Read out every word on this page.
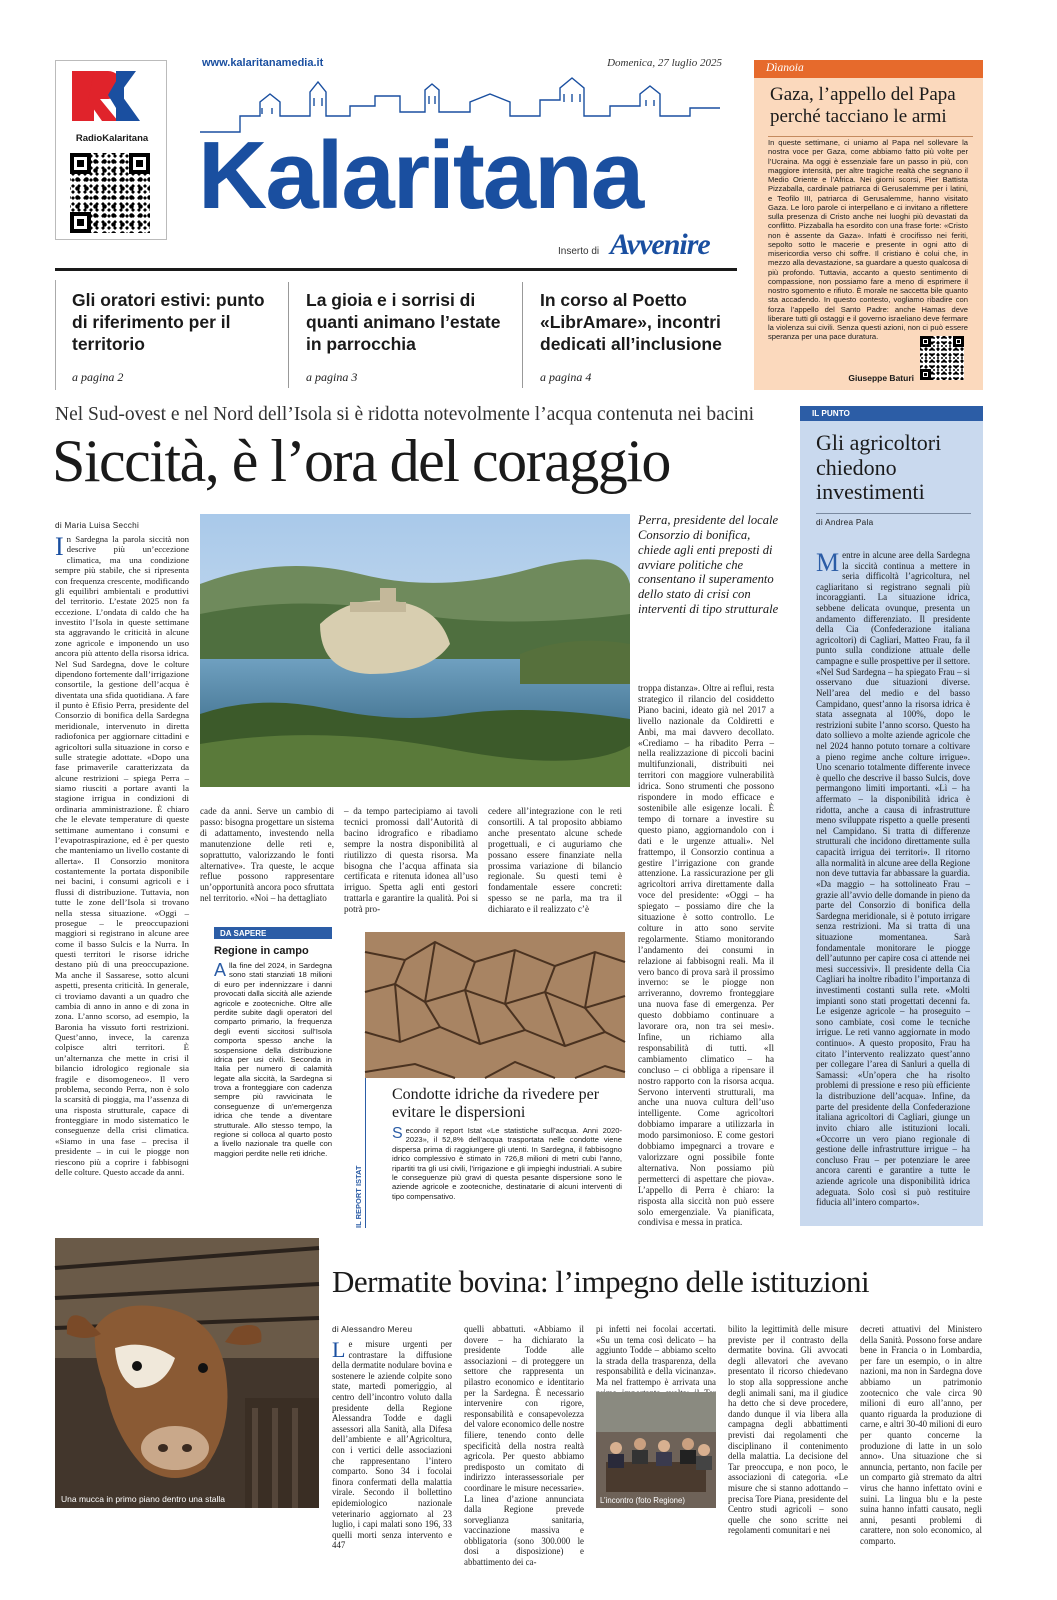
RadioKalaritana
www.kalaritanamedia.it	Domenica, 27 luglio 2025
Kalaritana
Inserto di Avvenire
Gli oratori estivi: punto di riferimento per il territorio
a pagina 2
La gioia e i sorrisi di quanti animano l’estate in parrocchia
a pagina 3
In corso al Poetto «LibrAmare», incontri dedicati all’inclusione
a pagina 4
Dìanoia
Gaza, l’appello del Papa perché tacciano le armi

In queste settimane, ci uniamo al Papa nel sollevare la nostra voce per Gaza, come abbiamo fatto più volte per l’Ucraina. Ma oggi è essenziale fare un passo in più, con maggiore intensità, per altre tragiche realtà che segnano il Medio Oriente e l’Africa. Nei giorni scorsi, Pier Battista Pizzaballa, cardinale patriarca di Gerusalemme per i latini, e Teofilo III, patriarca di Gerusalemme, hanno visitato Gaza. Le loro parole ci interpellano e ci invitano a riflettere sulla presenza di Cristo anche nei luoghi più devastati da conflitto. Pizzaballa ha esordito con una frase forte: «Cristo non è assente da Gaza». Infatti è crocifisso nei feriti, sepolto sotto le macerie e presente in ogni atto di misericordia verso chi soffre. Il cristiano è colui che, in mezzo alla devastazione, sa guardare a questo qualcosa di più profondo. Tuttavia, accanto a questo sentimento di compassione, non possiamo fare a meno di esprimere il nostro sgomento e rifiuto. È morale ne saccetta bile quanto sta accadendo. In questo contesto, vogliamo ribadire con forza l’appello del Santo Padre: anche Hamas deve liberare tutti gli ostaggi e il governo israeliano deve fermare la violenza sui civili. Senza questi azioni, non ci può essere speranza per una pace duratura.

Giuseppe Baturi
Nel Sud-ovest e nel Nord dell’Isola si è ridotta notevolmente l’acqua contenuta nei bacini
Siccità, è l’ora del coraggio
di Maria Luisa Secchi

In Sardegna la parola siccità non descrive più un’eccezione climatica, ma una condizione sempre più stabile, che si ripresenta con frequenza crescente, modificando gli equilibri ambientali e produttivi del territorio. L’estate 2025 non fa eccezione. L’ondata di caldo che ha investito l’Isola in queste settimane sta aggravando le criticità in alcune zone agricole e imponendo un uso ancora più attento della risorsa idrica. Nel Sud Sardegna, dove le colture dipendono fortemente dall’irrigazione consortile, la gestione dell’acqua è diventata una sfida quotidiana. A fare il punto è Efisio Perra, presidente del Consorzio di bonifica della Sardegna meridionale, intervenuto in diretta radiofonica per aggiornare cittadini e agricoltori sulla situazione in corso e sulle strategie adottate. «Dopo una fase primaverile caratterizzata da alcune restrizioni – spiega Perra – siamo riusciti a portare avanti la stagione irrigua in condizioni di ordinaria amministrazione. È chiaro che le elevate temperature di queste settimane aumentano i consumi e l’evapotraspirazione, ed è per questo che manteniamo un livello costante di allerta». Il Consorzio monitora costantemente la portata disponibile nei bacini, i consumi agricoli e i flussi di distribuzione. Tuttavia, non tutte le zone dell’Isola si trovano nella stessa situazione. «Oggi – prosegue – le preoccupazioni maggiori si registrano in alcune aree come il basso Sulcis e la Nurra. In questi territori le risorse idriche destano più di una preoccupazione. Ma anche il Sassarese, sotto alcuni aspetti, presenta criticità. In generale, ci troviamo davanti a un quadro che cambia di anno in anno e di zona in zona. L’anno scorso, ad esempio, la Baronia ha vissuto forti restrizioni. Quest’anno, invece, la carenza colpisce altri territori. È un’alternanza che mette in crisi il bilancio idrologico regionale sia fragile e disomogeneo». Il vero problema, secondo Perra, non è solo la scarsità di pioggia, ma l’assenza di una risposta strutturale, capace di fronteggiare in modo sistematico le conseguenze della crisi climatica. «Siamo in una fase – precisa il presidente – in cui le piogge non riescono più a coprire i fabbisogni delle colture. Questo accade da anni.

Perra, presidente del locale Consorzio di bonifica, chiede agli enti preposti di avviare politiche che consentano il superamento dello stato di crisi con interventi di tipo strutturale

cade da anni. Serve un cambio di passo: bisogna progettare un sistema di adattamento, investendo nella manutenzione delle reti e, soprattutto, valorizzando le fonti alternative». Tra queste, le acque reflue possono rappresentare un’opportunità ancora poco sfruttata nel territorio. «Noi – ha dettagliato

– da tempo partecipiamo ai tavoli tecnici promossi dall’Autorità di bacino idrografico e ribadiamo sempre la nostra disponibilità al riutilizzo di questa risorsa. Ma bisogna che l’acqua affinata sia certificata e ritenuta idonea all’uso irriguo. Spetta agli enti gestori trattarla e garantire la qualità. Poi si potrà pro-

cedere all’integrazione con le reti consortili. A tal proposito abbiamo anche presentato alcune schede progettuali, e ci auguriamo che possano essere finanziate nella prossima variazione di bilancio regionale. Su questi temi è fondamentale essere concreti: spesso se ne parla, ma tra il dichiarato e il realizzato c’è

troppa distanza». Oltre ai reflui, resta strategico il rilancio del cosiddetto Piano bacini, ideato già nel 2017 a livello nazionale da Coldiretti e Anbi, ma mai davvero decollato. «Crediamo – ha ribadito Perra – nella realizzazione di piccoli bacini multifunzionali, distribuiti nei territori con maggiore vulnerabilità idrica. Sono strumenti che possono rispondere in modo efficace e sostenibile alle esigenze locali. È tempo di tornare a investire su questo piano, aggiornandolo con i dati e le urgenze attuali». Nel frattempo, il Consorzio continua a gestire l’irrigazione con grande attenzione. La rassicurazione per gli agricoltori arriva direttamente dalla voce del presidente: «Oggi – ha spiegato – possiamo dire che la situazione è sotto controllo. Le colture in atto sono servite regolarmente. Stiamo monitorando l’andamento dei consumi in relazione ai fabbisogni reali. Ma il vero banco di prova sarà il prossimo inverno: se le piogge non arriveranno, dovremo fronteggiare una nuova fase di emergenza. Per questo dobbiamo continuare a lavorare ora, non tra sei mesi». Infine, un richiamo alla responsabilità di tutti. «Il cambiamento climatico – ha concluso – ci obbliga a ripensare il nostro rapporto con la risorsa acqua. Servono interventi strutturali, ma anche una nuova cultura dell’uso intelligente. Come agricoltori dobbiamo imparare a utilizzarla in modo parsimonioso. E come gestori dobbiamo impegnarci a trovare e valorizzare ogni possibile fonte alternativa. Non possiamo più permetterci di aspettare che piova». L’appello di Perra è chiaro: la risposta alla siccità non può essere solo emergenziale. Va pianificata, condivisa e messa in pratica.

DA SAPERE
Regione in campo

Alla fine del 2024, in Sardegna sono stati stanziati 18 milioni di euro per indennizzare i danni provocati dalla siccità alle aziende agricole e zootecniche. Oltre alle perdite subite dagli operatori del comparto primario, la frequenza degli eventi siccitosi sull’Isola comporta spesso anche la sospensione della distribuzione idrica per usi civili. Seconda in Italia per numero di calamità legate alla siccità, la Sardegna si trova a fronteggiare con cadenza sempre più ravvicinata le conseguenze di un’emergenza idrica che tende a diventare strutturale. Allo stesso tempo, la regione si colloca al quarto posto a livello nazionale tra quelle con maggiori perdite nelle reti idriche.

IL REPORT ISTAT
Condotte idriche da rivedere per evitare le dispersioni

Secondo il report Istat «Le statistiche sull’acqua. Anni 2020-2023», il 52,8% dell’acqua trasportata nelle condotte viene dispersa prima di raggiungere gli utenti. In Sardegna, il fabbisogno idrico complessivo è stimato in 726,8 milioni di metri cubi l’anno, ripartiti tra gli usi civili, l’irrigazione e gli impieghi industriali. A subire le conseguenze più gravi di questa pesante dispersione sono le aziende agricole e zootecniche, destinatarie di alcuni interventi di tipo compensativo.

IL PUNTO
Gli agricoltori chiedono investimenti
di Andrea Pala

Mentre in alcune aree della Sardegna la siccità continua a mettere in seria difficoltà l’agricoltura, nel cagliaritano si registrano segnali più incoraggianti. La situazione idrica, sebbene delicata ovunque, presenta un andamento differenziato. Il presidente della Cia (Confederazione italiana agricoltori) di Cagliari, Matteo Frau, fa il punto sulla condizione attuale delle campagne e sulle prospettive per il settore. «Nel Sud Sardegna – ha spiegato Frau – si osservano due situazioni diverse. Nell’area del medio e del basso Campidano, quest’anno la risorsa idrica è stata assegnata al 100%, dopo le restrizioni subite l’anno scorso. Questo ha dato sollievo a molte aziende agricole che nel 2024 hanno potuto tornare a coltivare a pieno regime anche colture irrigue». Uno scenario totalmente differente invece è quello che descrive il basso Sulcis, dove permangono limiti importanti. «Lì – ha affermato – la disponibilità idrica è ridotta, anche a causa di infrastrutture meno sviluppate rispetto a quelle presenti nel Campidano. Si tratta di differenze strutturali che incidono direttamente sulla capacità irrigua dei territori». Il ritorno alla normalità in alcune aree della Regione non deve tuttavia far abbassare la guardia. «Da maggio – ha sottolineato Frau – grazie all’avvio delle domande in pieno da parte del Consorzio di bonifica della Sardegna meridionale, si è potuto irrigare senza restrizioni. Ma si tratta di una situazione momentanea. Sarà fondamentale monitorare le piogge dell’autunno per capire cosa ci attende nei mesi successivi». Il presidente della Cia Cagliari ha inoltre ribadito l’importanza di investimenti costanti sulla rete. «Molti impianti sono stati progettati decenni fa. Le esigenze agricole – ha proseguito – sono cambiate, così come le tecniche irrigue. Le reti vanno aggiornate in modo continuo». A questo proposito, Frau ha citato l’intervento realizzato quest’anno per collegare l’area di Sanluri a quella di Samassi: «Un’opera che ha risolto problemi di pressione e reso più efficiente la distribuzione dell’acqua». Infine, da parte del presidente della Confederazione italiana agricoltori di Cagliari, giunge un invito chiaro alle istituzioni locali. «Occorre un vero piano regionale di gestione delle infrastrutture irrigue – ha concluso Frau – per potenziare le aree ancora carenti e garantire a tutte le aziende agricole una disponibilità idrica adeguata. Solo così si può restituire fiducia all’intero comparto».

Una mucca in primo piano dentro una stalla
Dermatite bovina: l’impegno delle istituzioni
di Alessandro Mereu

Le misure urgenti per contrastare la diffusione della dermatite nodulare bovina e sostenere le aziende colpite sono state, martedì pomeriggio, al centro dell’incontro voluto dalla presidente della Regione Alessandra Todde e dagli assessori alla Sanità, alla Difesa dell’ambiente e all’Agricoltura, con i vertici delle associazioni che rappresentano l’intero comparto. Sono 34 i focolai finora confermati della malattia virale. Secondo il bollettino epidemiologico nazionale veterinario aggiornato al 23 luglio, i capi malati sono 196, 33 quelli morti senza intervento e 447

quelli abbattuti. «Abbiamo il dovere – ha dichiarato la presidente Todde alle associazioni – di proteggere un settore che rappresenta un pilastro economico e identitario per la Sardegna. È necessario intervenire con rigore, responsabilità e consapevolezza del valore economico delle nostre filiere, tenendo conto delle specificità della nostra realtà agricola. Per questo abbiamo predisposto un comitato di indirizzo interassessoriale per coordinare le misure necessarie». La linea d’azione annunciata dalla Regione prevede sorveglianza sanitaria, vaccinazione massiva e obbligatoria (sono 300.000 le dosi a disposizione) e abbattimento dei ca-

pi infetti nei focolai accertati. «Su un tema così delicato – ha aggiunto Todde – abbiamo scelto la strada della trasparenza, della responsabilità e della vicinanza». Ma nel frattempo è arrivata una

L’incontro (foto Regione)

bilito la legittimità delle misure previste per il contrasto della dermatite bovina. Gli avvocati degli allevatori che avevano presentato il ricorso chiedevano lo stop alla soppressione anche degli animali sani, ma il giudice ha detto che si deve procedere, dando dunque il via libera alla campagna degli abbattimenti previsti dai regolamenti che disciplinano il contenimento della malattia. La decisione del Tar preoccupa, e non poco, le associazioni di categoria. «Le misure che si stanno adottando – precisa Tore Piana, presidente del Centro studi agricoli – sono quelle che sono scritte nei regolamenti comunitari e nei

decreti attuativi del Ministero della Sanità. Possono forse andare bene in Francia o in Lombardia, per fare un esempio, o in altre nazioni, ma non in Sardegna dove abbiamo un patrimonio zootecnico che vale circa 90 milioni di euro all’anno, per quanto riguarda la produzione di carne, e altri 30-40 milioni di euro per quanto concerne la produzione di latte in un solo anno». Una situazione che si annuncia, pertanto, non facile per un comparto già stremato da altri virus che hanno infettato ovini e suini. La lingua blu e la peste suina hanno infatti causato, negli anni, pesanti problemi di carattere, non solo economico, al comparto.
